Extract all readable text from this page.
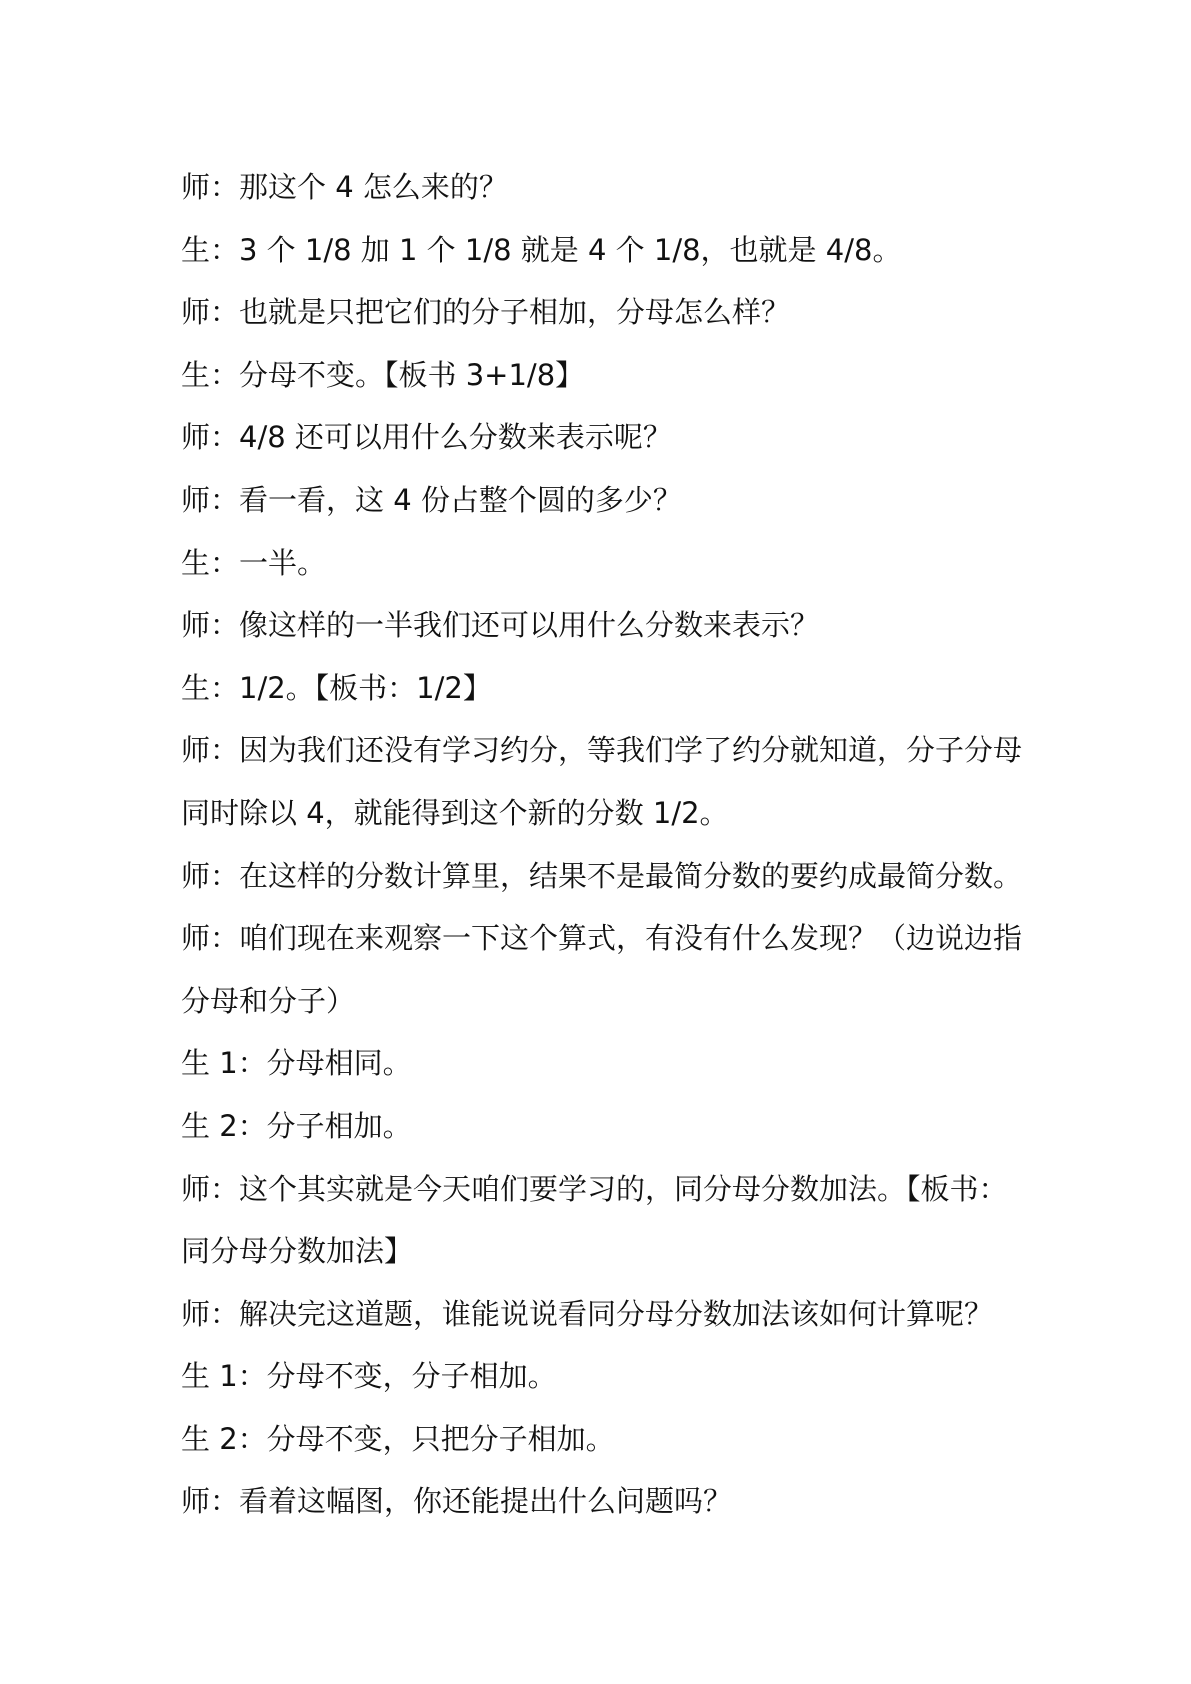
师：那这个 4 怎么来的？
生：3 个 1/8 加 1 个 1/8 就是 4 个 1/8，也就是 4/8。
师：也就是只把它们的分子相加，分母怎么样？
生：分母不变。【板书 3+1/8】
师：4/8 还可以用什么分数来表示呢？
师：看一看，这 4 份占整个圆的多少？
生：一半。
师：像这样的一半我们还可以用什么分数来表示？
生：1/2。【板书：1/2】
师：因为我们还没有学习约分，等我们学了约分就知道，分子分母
同时除以 4，就能得到这个新的分数 1/2。
师：在这样的分数计算里，结果不是最简分数的要约成最简分数。
师：咱们现在来观察一下这个算式，有没有什么发现？（边说边指
分母和分子）
生 1：分母相同。
生 2：分子相加。
师：这个其实就是今天咱们要学习的，同分母分数加法。【板书：
同分母分数加法】
师：解决完这道题，谁能说说看同分母分数加法该如何计算呢？
生 1：分母不变，分子相加。
生 2：分母不变，只把分子相加。
师：看着这幅图，你还能提出什么问题吗？
